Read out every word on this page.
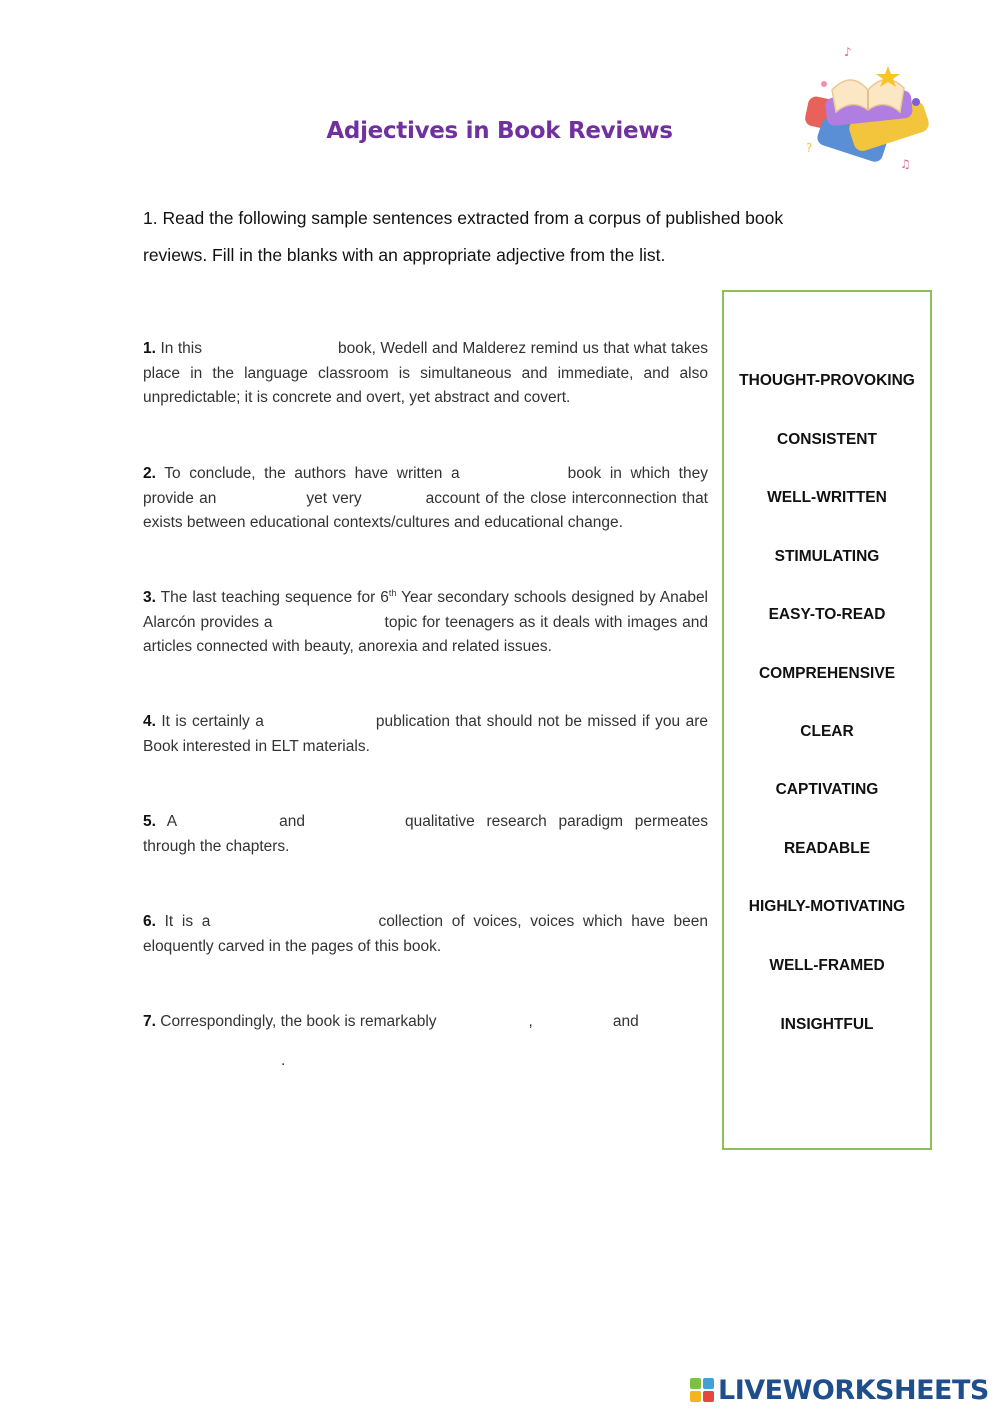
Adjectives in Book Reviews
♪
?
♫
1. Read the following sample sentences extracted from a corpus of published book reviews. Fill in the blanks with an appropriate adjective from the list.
1. In this	book, Wedell and Malderez remind us that what takes place in the language classroom is simultaneous and immediate, and also unpredictable; it is concrete and overt, yet abstract and covert.
2. To conclude, the authors have written a	book in which they provide an	yet very	account of the close interconnection that exists between educational contexts/cultures and educational change.
3. The last teaching sequence for 6th Year secondary schools designed by Anabel Alarcón provides a	topic for teenagers as it deals with images and articles connected with beauty, anorexia and related issues.
4. It is certainly a	publication that should not be missed if you are Book interested in ELT materials.
5. A	and	qualitative research paradigm permeates through the chapters.
6. It is a	collection of voices, voices which have been eloquently carved in the pages of this book.
7. Correspondingly, the book is remarkably	,	and
.
THOUGHT-PROVOKING
CONSISTENT
WELL-WRITTEN
STIMULATING
EASY-TO-READ
COMPREHENSIVE
CLEAR
CAPTIVATING
READABLE
HIGHLY-MOTIVATING
WELL-FRAMED
INSIGHTFUL
LIVEWORKSHEETS
